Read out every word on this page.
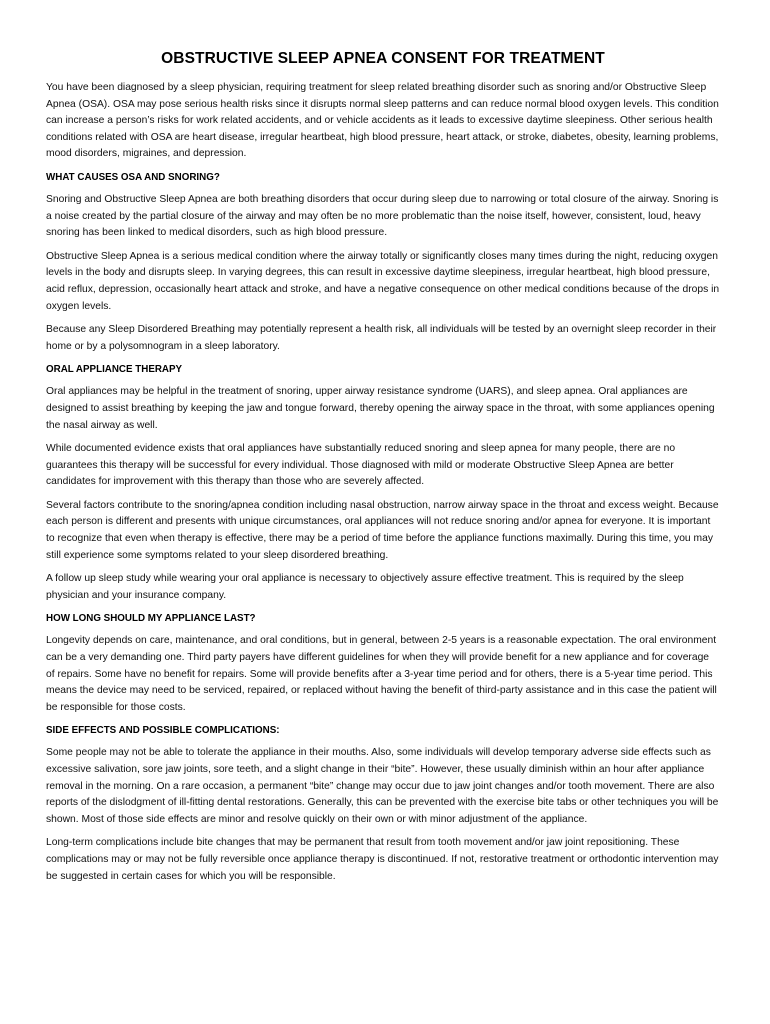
OBSTRUCTIVE SLEEP APNEA CONSENT FOR TREATMENT

You have been diagnosed by a sleep physician, requiring treatment for sleep related breathing disorder such as snoring and/or Obstructive Sleep Apnea (OSA). OSA may pose serious health risks since it disrupts normal sleep patterns and can reduce normal blood oxygen levels. This condition can increase a person’s risks for work related accidents, and or vehicle accidents as it leads to excessive daytime sleepiness. Other serious health conditions related with OSA are heart disease, irregular heartbeat, high blood pressure, heart attack, or stroke, diabetes, obesity, learning problems, mood disorders, migraines, and depression.

WHAT CAUSES OSA AND SNORING?

Snoring and Obstructive Sleep Apnea are both breathing disorders that occur during sleep due to narrowing or total closure of the airway. Snoring is a noise created by the partial closure of the airway and may often be no more problematic than the noise itself, however, consistent, loud, heavy snoring has been linked to medical disorders, such as high blood pressure.

Obstructive Sleep Apnea is a serious medical condition where the airway totally or significantly closes many times during the night, reducing oxygen levels in the body and disrupts sleep. In varying degrees, this can result in excessive daytime sleepiness, irregular heartbeat, high blood pressure, acid reflux, depression, occasionally heart attack and stroke, and have a negative consequence on other medical conditions because of the drops in oxygen levels.

Because any Sleep Disordered Breathing may potentially represent a health risk, all individuals will be tested by an overnight sleep recorder in their home or by a polysomnogram in a sleep laboratory.

ORAL APPLIANCE THERAPY

Oral appliances may be helpful in the treatment of snoring, upper airway resistance syndrome (UARS), and sleep apnea. Oral appliances are designed to assist breathing by keeping the jaw and tongue forward, thereby opening the airway space in the throat, with some appliances opening the nasal airway as well.

While documented evidence exists that oral appliances have substantially reduced snoring and sleep apnea for many people, there are no guarantees this therapy will be successful for every individual. Those diagnosed with mild or moderate Obstructive Sleep Apnea are better candidates for improvement with this therapy than those who are severely affected.

Several factors contribute to the snoring/apnea condition including nasal obstruction, narrow airway space in the throat and excess weight. Because each person is different and presents with unique circumstances, oral appliances will not reduce snoring and/or apnea for everyone. It is important to recognize that even when therapy is effective, there may be a period of time before the appliance functions maximally. During this time, you may still experience some symptoms related to your sleep disordered breathing.

A follow up sleep study while wearing your oral appliance is necessary to objectively assure effective treatment. This is required by the sleep physician and your insurance company.

HOW LONG SHOULD MY APPLIANCE LAST?

Longevity depends on care, maintenance, and oral conditions, but in general, between 2-5 years is a reasonable expectation. The oral environment can be a very demanding one. Third party payers have different guidelines for when they will provide benefit for a new appliance and for coverage of repairs. Some have no benefit for repairs. Some will provide benefits after a 3-year time period and for others, there is a 5-year time period. This means the device may need to be serviced, repaired, or replaced without having the benefit of third-party assistance and in this case the patient will be responsible for those costs.

SIDE EFFECTS AND POSSIBLE COMPLICATIONS:

Some people may not be able to tolerate the appliance in their mouths. Also, some individuals will develop temporary adverse side effects such as excessive salivation, sore jaw joints, sore teeth, and a slight change in their “bite”. However, these usually diminish within an hour after appliance removal in the morning. On a rare occasion, a permanent “bite” change may occur due to jaw joint changes and/or tooth movement. There are also reports of the dislodgment of ill-fitting dental restorations. Generally, this can be prevented with the exercise bite tabs or other techniques you will be shown. Most of those side effects are minor and resolve quickly on their own or with minor adjustment of the appliance.

Long-term complications include bite changes that may be permanent that result from tooth movement and/or jaw joint repositioning. These complications may or may not be fully reversible once appliance therapy is discontinued. If not, restorative treatment or orthodontic intervention may be suggested in certain cases for which you will be responsible.
